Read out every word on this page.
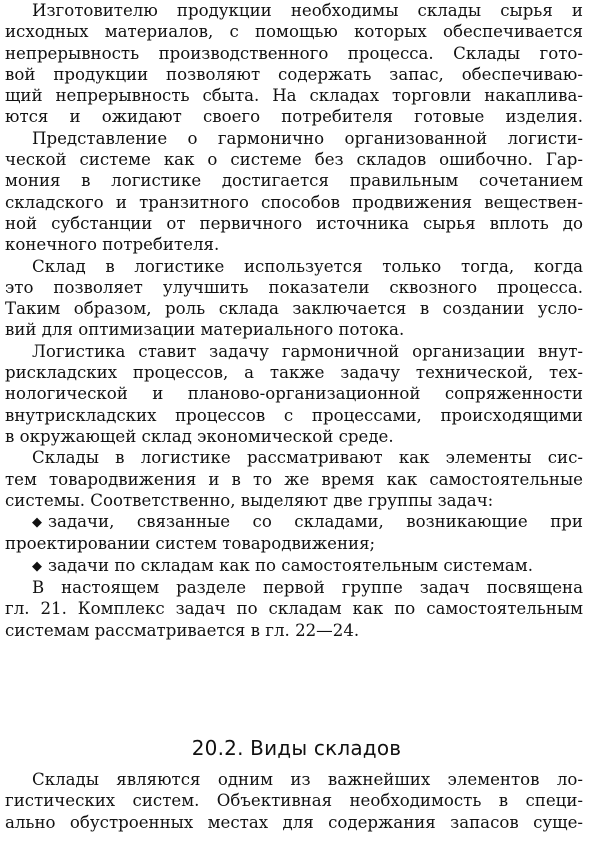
Изготовителю продукции необходимы склады сырья и
исходных материалов, с помощью которых обеспечивается
непрерывность производственного процесса. Склады гото-
вой продукции позволяют содержать запас, обеспечиваю-
щий непрерывность сбыта. На складах торговли накаплива-
ются и ожидают своего потребителя готовые изделия.

Представление о гармонично организованной логисти-
ческой системе как о системе без складов ошибочно. Гар-
мония в логистике достигается правильным сочетанием
складского и транзитного способов продвижения веществен-
ной субстанции от первичного источника сырья вплоть до
конечного потребителя.

Склад в логистике используется только тогда, когда
это позволяет улучшить показатели сквозного процесса.
Таким образом, роль склада заключается в создании усло-
вий для оптимизации материального потока.

Логистика ставит задачу гармоничной организации внут-
рискладских процессов, а также задачу технической, тех-
нологической и планово-организационной сопряженности
внутрискладских процессов с процессами, происходящими
в окружающей склад экономической среде.

Склады в логистике рассматривают как элементы сис-
тем товародвижения и в то же время как самостоятельные
системы. Соответственно, выделяют две группы задач:

◆ задачи, связанные со складами, возникающие при
проектировании систем товародвижения;

◆ задачи по складам как по самостоятельным системам.

В настоящем разделе первой группе задач посвящена
гл. 21. Комплекс задач по складам как по самостоятельным
системам рассматривается в гл. 22—24.

20.2. Виды складов

Склады являются одним из важнейших элементов ло-
гистических систем. Объективная необходимость в специ-
ально обустроенных местах для содержания запасов суще-
